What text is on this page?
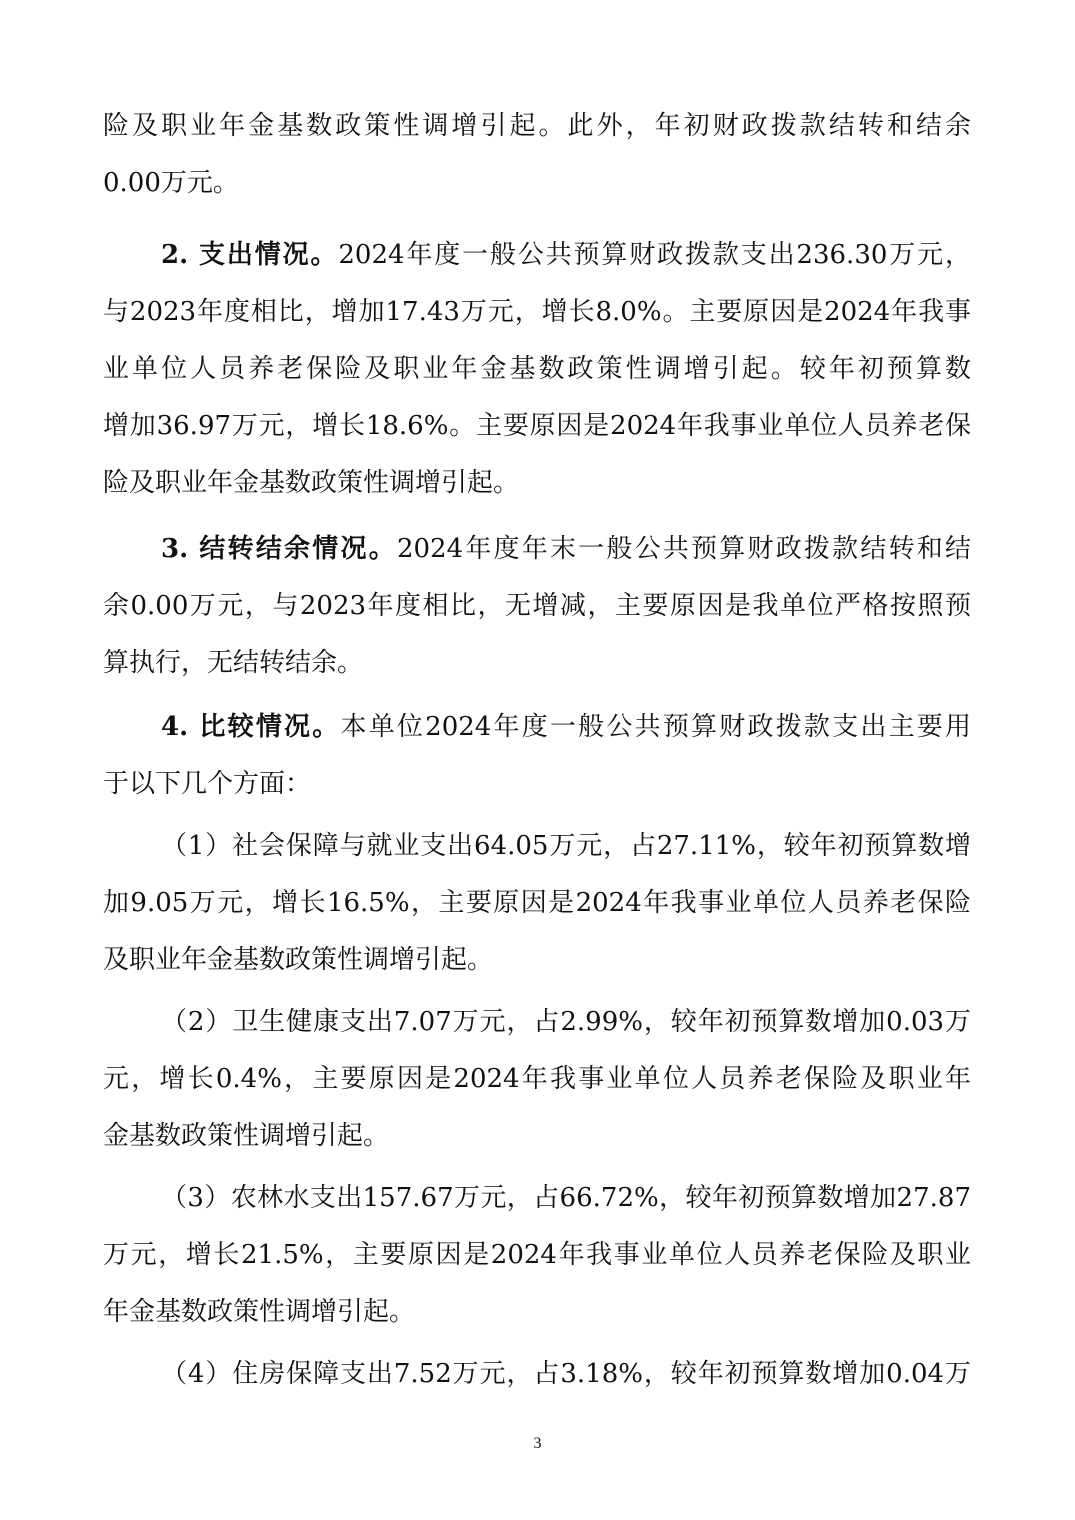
险及职业年金基数政策性调增引起。此外，年初财政拨款结转和结余
0.00万元。
2. 支出情况。2024年度一般公共预算财政拨款支出236.30万元，
与2023年度相比，增加17.43万元，增长8.0%。主要原因是2024年我事
业单位人员养老保险及职业年金基数政策性调增引起。较年初预算数
增加36.97万元，增长18.6%。主要原因是2024年我事业单位人员养老保
险及职业年金基数政策性调增引起。
3. 结转结余情况。2024年度年末一般公共预算财政拨款结转和结
余0.00万元，与2023年度相比，无增减，主要原因是我单位严格按照预
算执行，无结转结余。
4. 比较情况。本单位2024年度一般公共预算财政拨款支出主要用
于以下几个方面：
（1）社会保障与就业支出64.05万元，占27.11%，较年初预算数增
加9.05万元，增长16.5%，主要原因是2024年我事业单位人员养老保险
及职业年金基数政策性调增引起。
（2）卫生健康支出7.07万元，占2.99%，较年初预算数增加0.03万
元，增长0.4%，主要原因是2024年我事业单位人员养老保险及职业年
金基数政策性调增引起。
（3）农林水支出157.67万元，占66.72%，较年初预算数增加27.87
万元，增长21.5%，主要原因是2024年我事业单位人员养老保险及职业
年金基数政策性调增引起。
（4）住房保障支出7.52万元，占3.18%，较年初预算数增加0.04万
3
